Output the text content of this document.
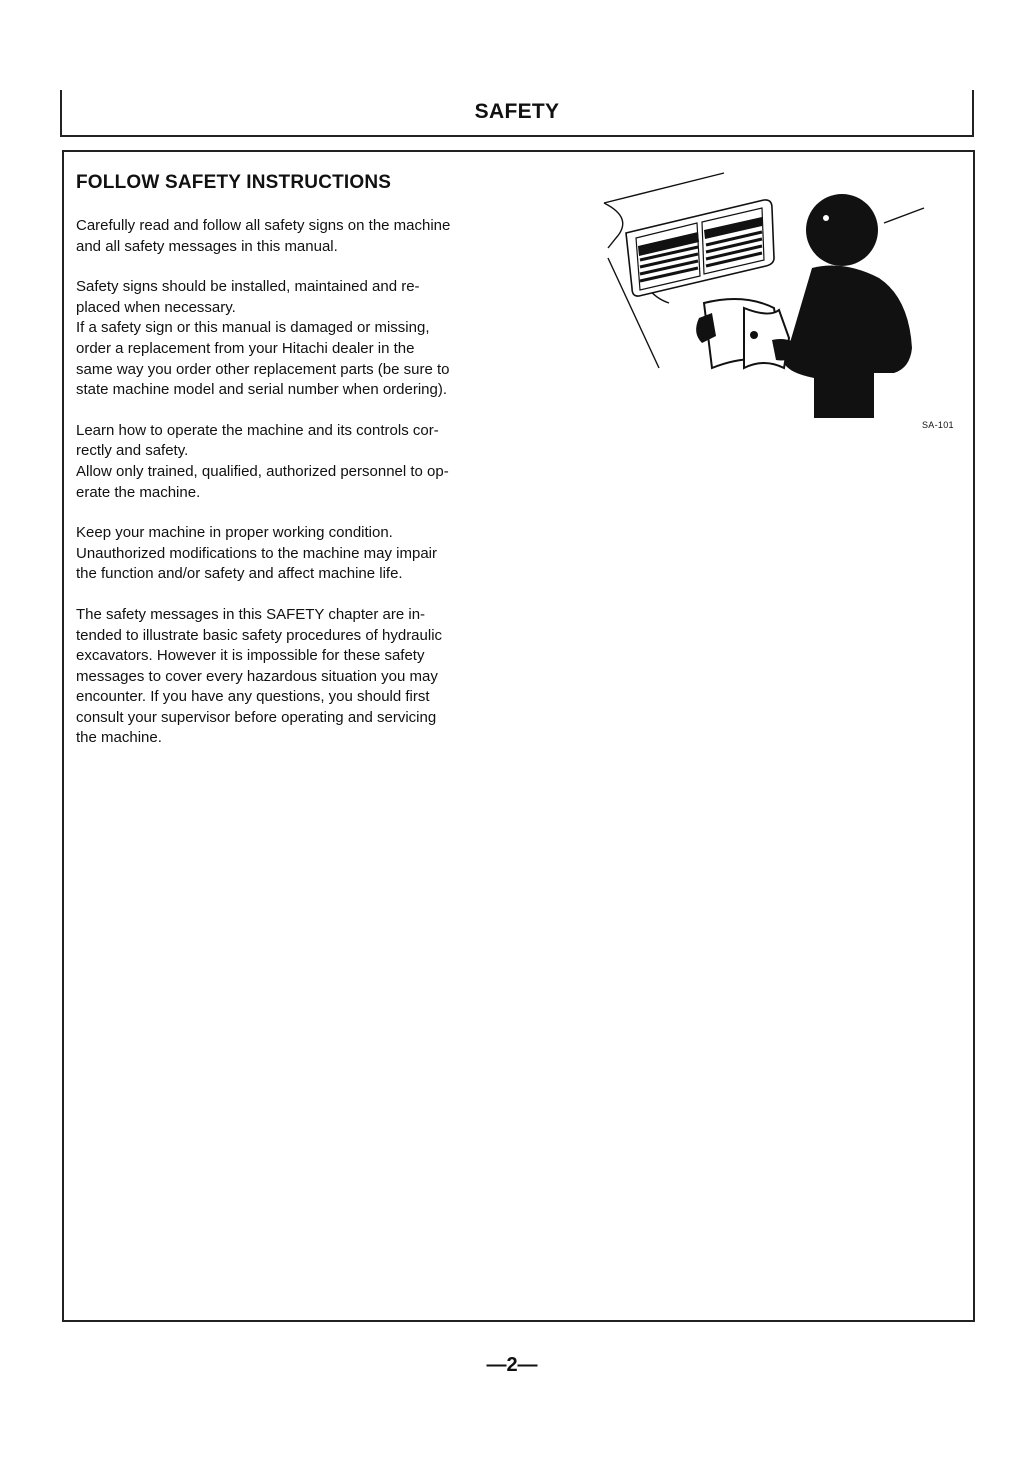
SAFETY
FOLLOW SAFETY INSTRUCTIONS

Carefully read and follow all safety signs on the machine
and all safety messages in this manual.

Safety signs should be installed, maintained and re-
placed when necessary.
If a safety sign or this manual is damaged or missing,
order a replacement from your Hitachi dealer in the
same way you order other replacement parts (be sure to
state machine model and serial number when ordering).

Learn how to operate the machine and its controls cor-
rectly and safety.
Allow only trained, qualified, authorized personnel to op-
erate the machine.

Keep your machine in proper working condition.
Unauthorized modifications to the machine may impair
the function and/or safety and affect machine life.

The safety messages in this SAFETY chapter are in-
tended to illustrate basic safety procedures of hydraulic
excavators. However it is impossible for these safety
messages to cover every hazardous situation you may
encounter. If you have any questions, you should first
consult your supervisor before operating and servicing
the machine.

SA-101
—2—
